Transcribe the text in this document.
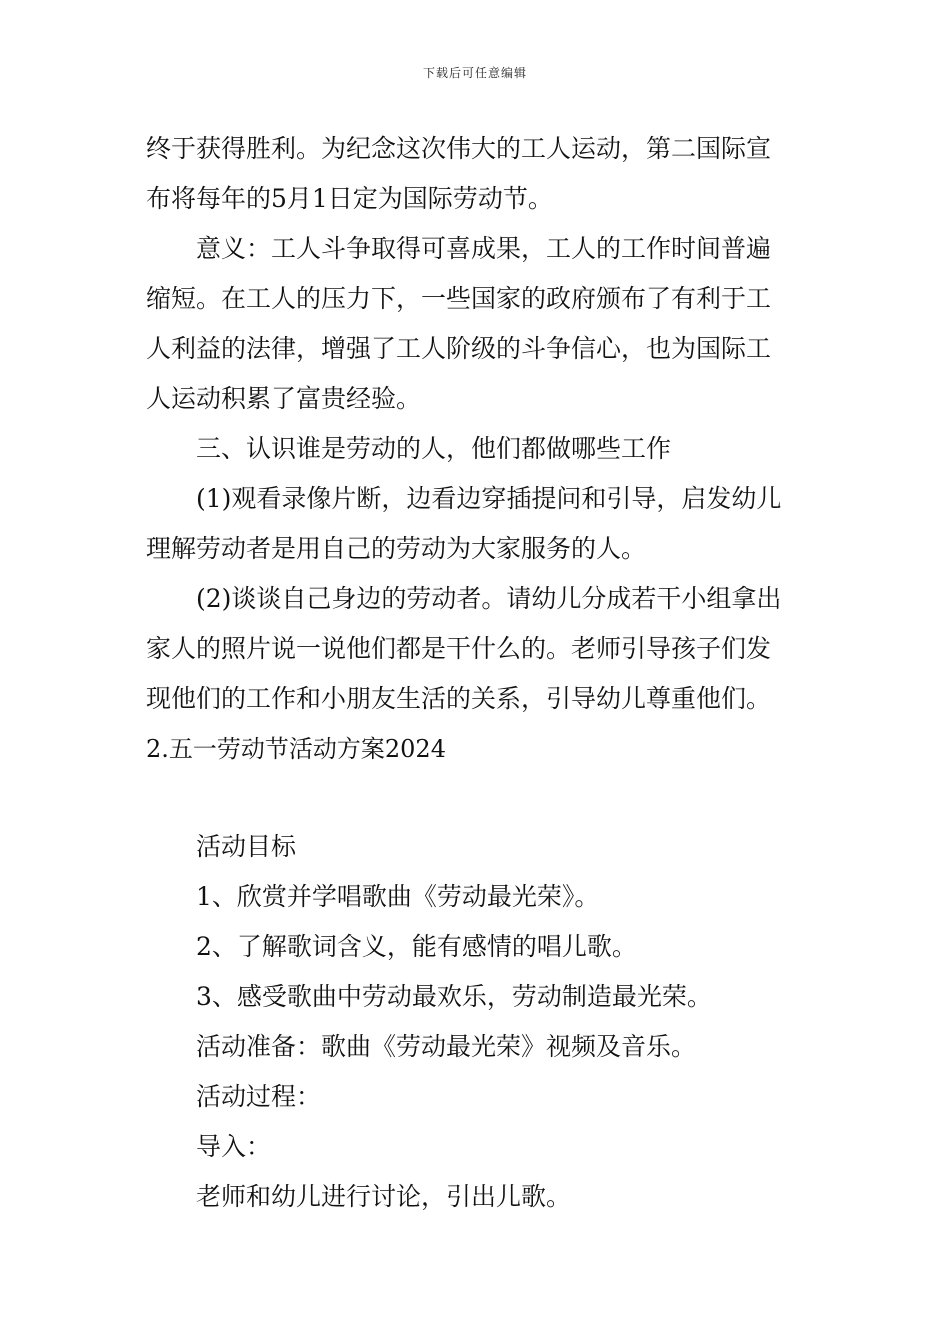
下载后可任意编辑
终于获得胜利。为纪念这次伟大的工人运动，第二国际宣
布将每年的5月1日定为国际劳动节。
意义：工人斗争取得可喜成果，工人的工作时间普遍
缩短。在工人的压力下，一些国家的政府颁布了有利于工
人利益的法律，增强了工人阶级的斗争信心，也为国际工
人运动积累了富贵经验。
三、认识谁是劳动的人，他们都做哪些工作
(1)观看录像片断，边看边穿插提问和引导，启发幼儿
理解劳动者是用自己的劳动为大家服务的人。
(2)谈谈自己身边的劳动者。请幼儿分成若干小组拿出
家人的照片说一说他们都是干什么的。老师引导孩子们发
现他们的工作和小朋友生活的关系，引导幼儿尊重他们。
2.五一劳动节活动方案2024
活动目标
1、欣赏并学唱歌曲《劳动最光荣》。
2、了解歌词含义，能有感情的唱儿歌。
3、感受歌曲中劳动最欢乐，劳动制造最光荣。
活动准备：歌曲《劳动最光荣》视频及音乐。
活动过程：
导入：
老师和幼儿进行讨论，引出儿歌。
